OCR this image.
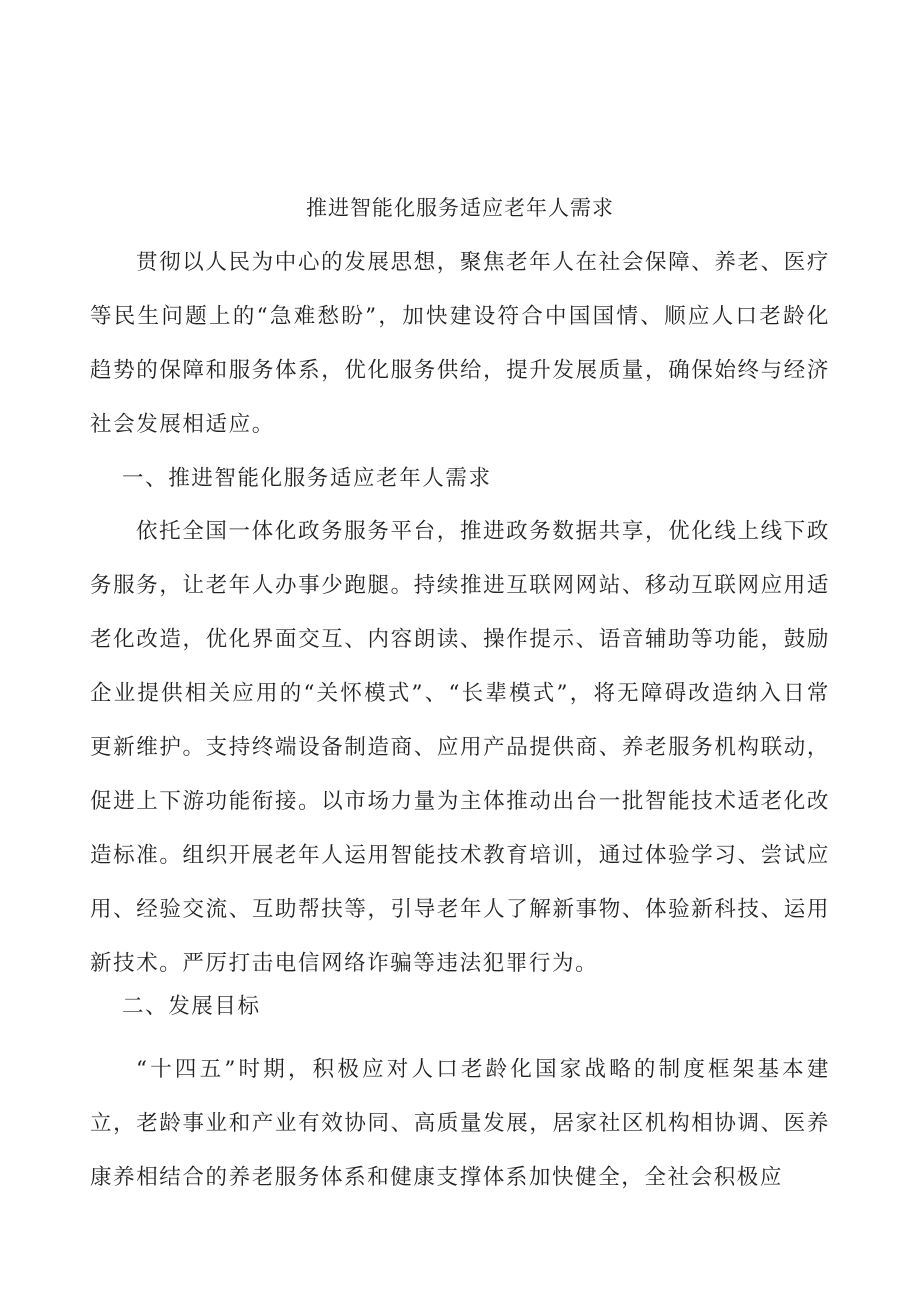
推进智能化服务适应老年人需求

贯彻以人民为中心的发展思想，聚焦老年人在社会保障、养老、医疗等民生问题上的“急难愁盼”，加快建设符合中国国情、顺应人口老龄化趋势的保障和服务体系，优化服务供给，提升发展质量，确保始终与经济社会发展相适应。

一、推进智能化服务适应老年人需求

依托全国一体化政务服务平台，推进政务数据共享，优化线上线下政务服务，让老年人办事少跑腿。持续推进互联网网站、移动互联网应用适老化改造，优化界面交互、内容朗读、操作提示、语音辅助等功能，鼓励企业提供相关应用的“关怀模式”、“长辈模式”，将无障碍改造纳入日常更新维护。支持终端设备制造商、应用产品提供商、养老服务机构联动，促进上下游功能衔接。以市场力量为主体推动出台一批智能技术适老化改造标准。组织开展老年人运用智能技术教育培训，通过体验学习、尝试应用、经验交流、互助帮扶等，引导老年人了解新事物、体验新科技、运用新技术。严厉打击电信网络诈骗等违法犯罪行为。

二、发展目标

“十四五”时期，积极应对人口老龄化国家战略的制度框架基本建立，老龄事业和产业有效协同、高质量发展，居家社区机构相协调、医养康养相结合的养老服务体系和健康支撑体系加快健全，全社会积极应
